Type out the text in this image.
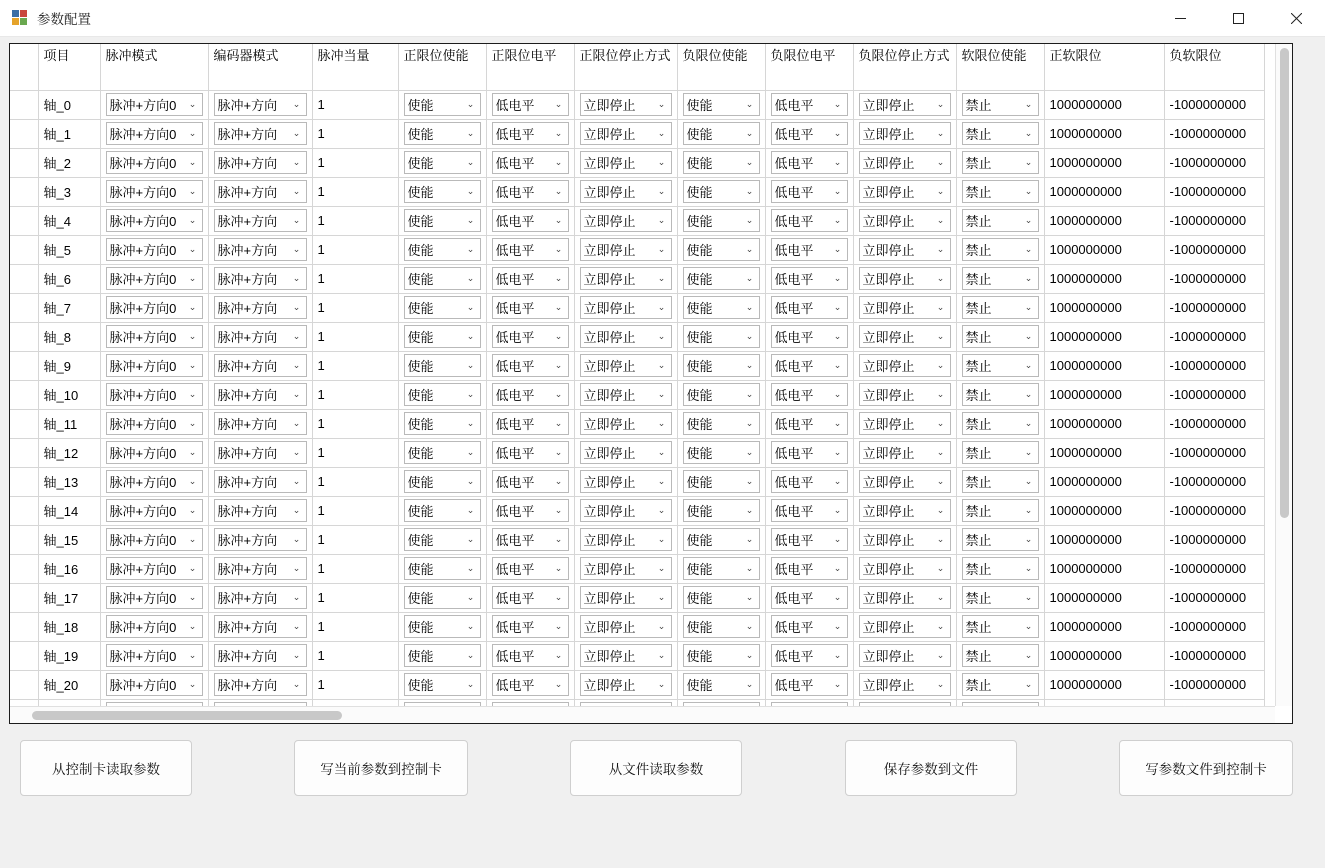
参数配置
	项目	脉冲模式	编码器模式	脉冲当量	正限位使能	正限位电平	正限位停止方式	负限位使能	负限位电平	负限位停止方式	软限位使能	正软限位	负软限位
	轴_0	脉冲+方向0 ⌄	脉冲+方向 ⌄	1	使能 ⌄	低电平 ⌄	立即停止 ⌄	使能 ⌄	低电平 ⌄	立即停止 ⌄	禁止 ⌄	1000000000	-1000000000
	轴_1	脉冲+方向0 ⌄	脉冲+方向 ⌄	1	使能 ⌄	低电平 ⌄	立即停止 ⌄	使能 ⌄	低电平 ⌄	立即停止 ⌄	禁止 ⌄	1000000000	-1000000000
	轴_2	脉冲+方向0 ⌄	脉冲+方向 ⌄	1	使能 ⌄	低电平 ⌄	立即停止 ⌄	使能 ⌄	低电平 ⌄	立即停止 ⌄	禁止 ⌄	1000000000	-1000000000
	轴_3	脉冲+方向0 ⌄	脉冲+方向 ⌄	1	使能 ⌄	低电平 ⌄	立即停止 ⌄	使能 ⌄	低电平 ⌄	立即停止 ⌄	禁止 ⌄	1000000000	-1000000000
	轴_4	脉冲+方向0 ⌄	脉冲+方向 ⌄	1	使能 ⌄	低电平 ⌄	立即停止 ⌄	使能 ⌄	低电平 ⌄	立即停止 ⌄	禁止 ⌄	1000000000	-1000000000
	轴_5	脉冲+方向0 ⌄	脉冲+方向 ⌄	1	使能 ⌄	低电平 ⌄	立即停止 ⌄	使能 ⌄	低电平 ⌄	立即停止 ⌄	禁止 ⌄	1000000000	-1000000000
	轴_6	脉冲+方向0 ⌄	脉冲+方向 ⌄	1	使能 ⌄	低电平 ⌄	立即停止 ⌄	使能 ⌄	低电平 ⌄	立即停止 ⌄	禁止 ⌄	1000000000	-1000000000
	轴_7	脉冲+方向0 ⌄	脉冲+方向 ⌄	1	使能 ⌄	低电平 ⌄	立即停止 ⌄	使能 ⌄	低电平 ⌄	立即停止 ⌄	禁止 ⌄	1000000000	-1000000000
	轴_8	脉冲+方向0 ⌄	脉冲+方向 ⌄	1	使能 ⌄	低电平 ⌄	立即停止 ⌄	使能 ⌄	低电平 ⌄	立即停止 ⌄	禁止 ⌄	1000000000	-1000000000
	轴_9	脉冲+方向0 ⌄	脉冲+方向 ⌄	1	使能 ⌄	低电平 ⌄	立即停止 ⌄	使能 ⌄	低电平 ⌄	立即停止 ⌄	禁止 ⌄	1000000000	-1000000000
	轴_10	脉冲+方向0 ⌄	脉冲+方向 ⌄	1	使能 ⌄	低电平 ⌄	立即停止 ⌄	使能 ⌄	低电平 ⌄	立即停止 ⌄	禁止 ⌄	1000000000	-1000000000
	轴_11	脉冲+方向0 ⌄	脉冲+方向 ⌄	1	使能 ⌄	低电平 ⌄	立即停止 ⌄	使能 ⌄	低电平 ⌄	立即停止 ⌄	禁止 ⌄	1000000000	-1000000000
	轴_12	脉冲+方向0 ⌄	脉冲+方向 ⌄	1	使能 ⌄	低电平 ⌄	立即停止 ⌄	使能 ⌄	低电平 ⌄	立即停止 ⌄	禁止 ⌄	1000000000	-1000000000
	轴_13	脉冲+方向0 ⌄	脉冲+方向 ⌄	1	使能 ⌄	低电平 ⌄	立即停止 ⌄	使能 ⌄	低电平 ⌄	立即停止 ⌄	禁止 ⌄	1000000000	-1000000000
	轴_14	脉冲+方向0 ⌄	脉冲+方向 ⌄	1	使能 ⌄	低电平 ⌄	立即停止 ⌄	使能 ⌄	低电平 ⌄	立即停止 ⌄	禁止 ⌄	1000000000	-1000000000
	轴_15	脉冲+方向0 ⌄	脉冲+方向 ⌄	1	使能 ⌄	低电平 ⌄	立即停止 ⌄	使能 ⌄	低电平 ⌄	立即停止 ⌄	禁止 ⌄	1000000000	-1000000000
	轴_16	脉冲+方向0 ⌄	脉冲+方向 ⌄	1	使能 ⌄	低电平 ⌄	立即停止 ⌄	使能 ⌄	低电平 ⌄	立即停止 ⌄	禁止 ⌄	1000000000	-1000000000
	轴_17	脉冲+方向0 ⌄	脉冲+方向 ⌄	1	使能 ⌄	低电平 ⌄	立即停止 ⌄	使能 ⌄	低电平 ⌄	立即停止 ⌄	禁止 ⌄	1000000000	-1000000000
	轴_18	脉冲+方向0 ⌄	脉冲+方向 ⌄	1	使能 ⌄	低电平 ⌄	立即停止 ⌄	使能 ⌄	低电平 ⌄	立即停止 ⌄	禁止 ⌄	1000000000	-1000000000
	轴_19	脉冲+方向0 ⌄	脉冲+方向 ⌄	1	使能 ⌄	低电平 ⌄	立即停止 ⌄	使能 ⌄	低电平 ⌄	立即停止 ⌄	禁止 ⌄	1000000000	-1000000000
	轴_20	脉冲+方向0 ⌄	脉冲+方向 ⌄	1	使能 ⌄	低电平 ⌄	立即停止 ⌄	使能 ⌄	低电平 ⌄	立即停止 ⌄	禁止 ⌄	1000000000	-1000000000

从控制卡读取参数	写当前参数到控制卡	从文件读取参数	保存参数到文件	写参数文件到控制卡
